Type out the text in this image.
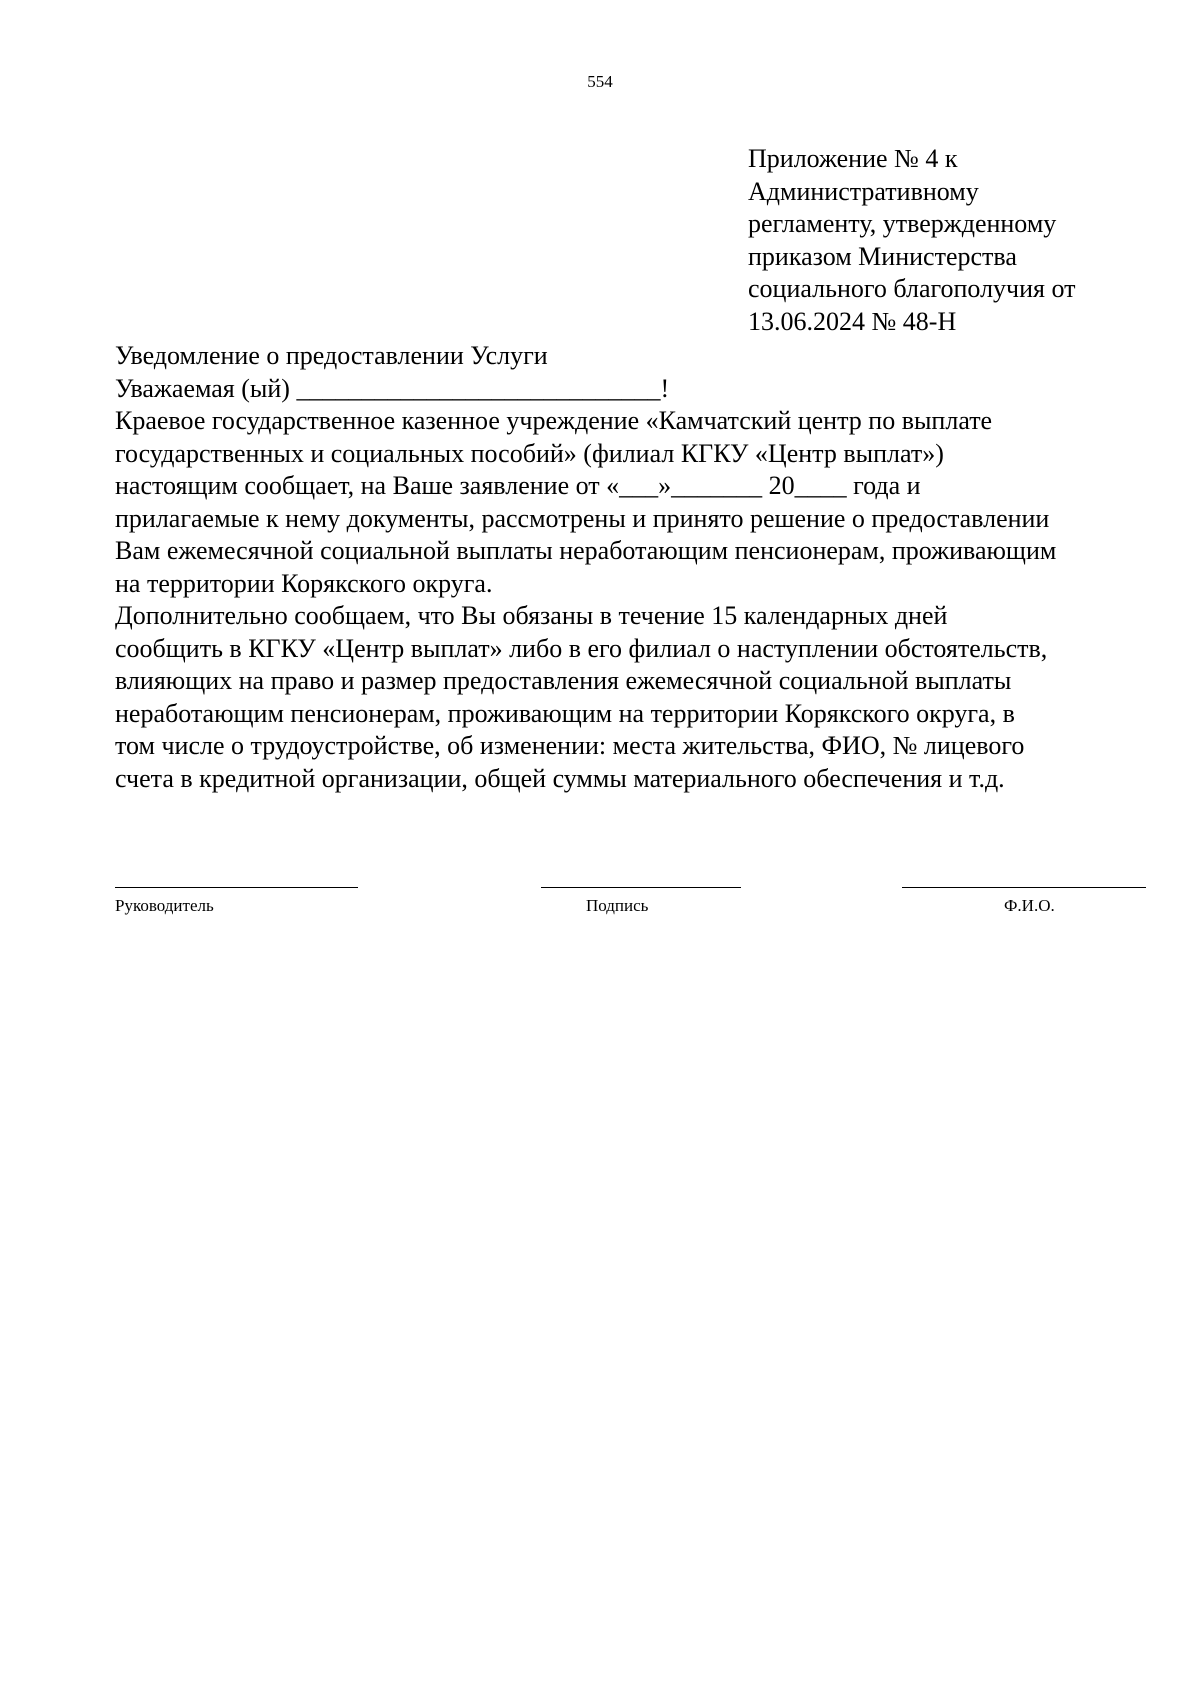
554
Приложение № 4 к
Административному
регламенту, утвержденному
приказом Министерства
социального благополучия от
13.06.2024 № 48-Н
Уведомление о предоставлении Услуги
Уважаемая (ый) ____________________________!
Краевое государственное казенное учреждение «Камчатский центр по выплате
государственных и социальных пособий» (филиал КГКУ «Центр выплат»)
настоящим сообщает, на Ваше заявление от «___»_______ 20____ года и
прилагаемые к нему документы, рассмотрены и принято решение о предоставлении
Вам ежемесячной социальной выплаты неработающим пенсионерам, проживающим
на территории Корякского округа.
Дополнительно сообщаем, что Вы обязаны в течение 15 календарных дней
сообщить в КГКУ «Центр выплат» либо в его филиал о наступлении обстоятельств,
влияющих на право и размер предоставления ежемесячной социальной выплаты
неработающим пенсионерам, проживающим на территории Корякского округа, в
том числе о трудоустройстве, об изменении: места жительства, ФИО, № лицевого
счета в кредитной организации, общей суммы материального обеспечения и т.д.
Руководитель	Подпись	Ф.И.О.
